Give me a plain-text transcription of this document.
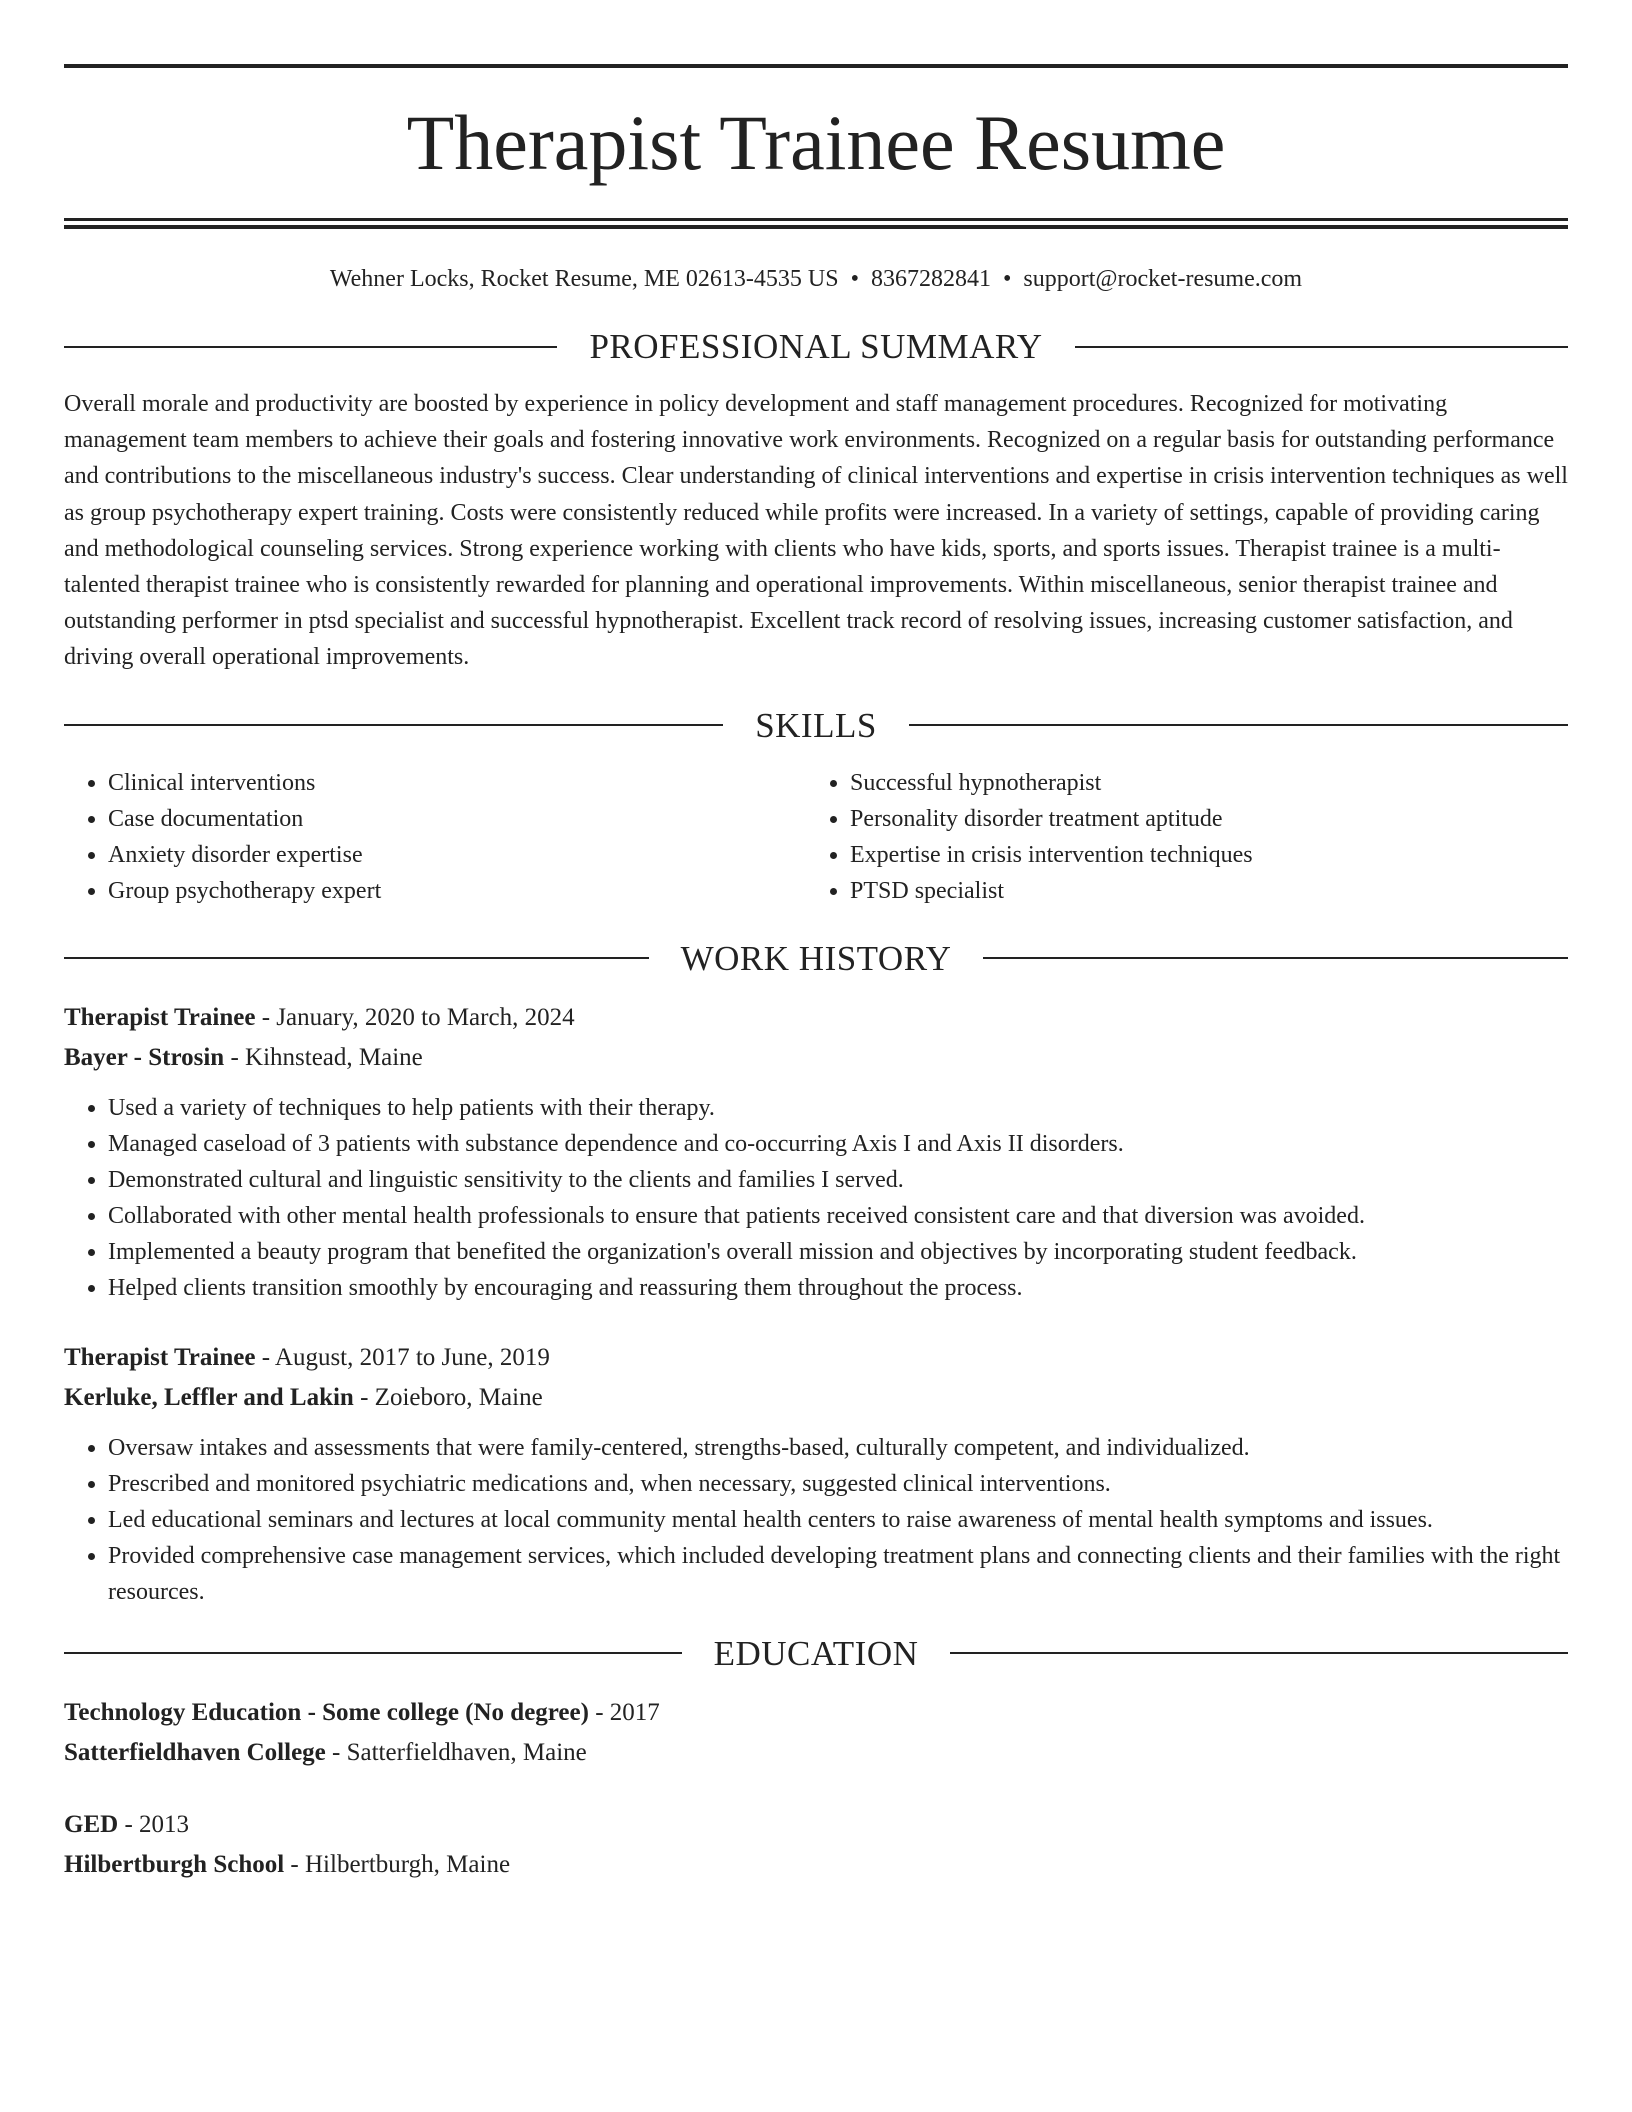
Therapist Trainee Resume
Wehner Locks, Rocket Resume, ME 02613-4535 US • 8367282841 • support@rocket-resume.com
PROFESSIONAL SUMMARY

Overall morale and productivity are boosted by experience in policy development and staff management procedures. Recognized for motivating management team members to achieve their goals and fostering innovative work environments. Recognized on a regular basis for outstanding performance and contributions to the miscellaneous industry's success. Clear understanding of clinical interventions and expertise in crisis intervention techniques as well as group psychotherapy expert training. Costs were consistently reduced while profits were increased. In a variety of settings, capable of providing caring and methodological counseling services. Strong experience working with clients who have kids, sports, and sports issues. Therapist trainee is a multi-talented therapist trainee who is consistently rewarded for planning and operational improvements. Within miscellaneous, senior therapist trainee and outstanding performer in ptsd specialist and successful hypnotherapist. Excellent track record of resolving issues, increasing customer satisfaction, and driving overall operational improvements.

SKILLS
• Clinical interventions
• Case documentation
• Anxiety disorder expertise
• Group psychotherapy expert
• Successful hypnotherapist
• Personality disorder treatment aptitude
• Expertise in crisis intervention techniques
• PTSD specialist
WORK HISTORY
Therapist Trainee - January, 2020 to March, 2024
Bayer - Strosin - Kihnstead, Maine
• Used a variety of techniques to help patients with their therapy.
• Managed caseload of 3 patients with substance dependence and co-occurring Axis I and Axis II disorders.
• Demonstrated cultural and linguistic sensitivity to the clients and families I served.
• Collaborated with other mental health professionals to ensure that patients received consistent care and that diversion was avoided.
• Implemented a beauty program that benefited the organization's overall mission and objectives by incorporating student feedback.
• Helped clients transition smoothly by encouraging and reassuring them throughout the process.
Therapist Trainee - August, 2017 to June, 2019
Kerluke, Leffler and Lakin - Zoieboro, Maine
• Oversaw intakes and assessments that were family-centered, strengths-based, culturally competent, and individualized.
• Prescribed and monitored psychiatric medications and, when necessary, suggested clinical interventions.
• Led educational seminars and lectures at local community mental health centers to raise awareness of mental health symptoms and issues.
• Provided comprehensive case management services, which included developing treatment plans and connecting clients and their families with the right resources.
EDUCATION
Technology Education - Some college (No degree) - 2017
Satterfieldhaven College - Satterfieldhaven, Maine
GED - 2013
Hilbertburgh School - Hilbertburgh, Maine
